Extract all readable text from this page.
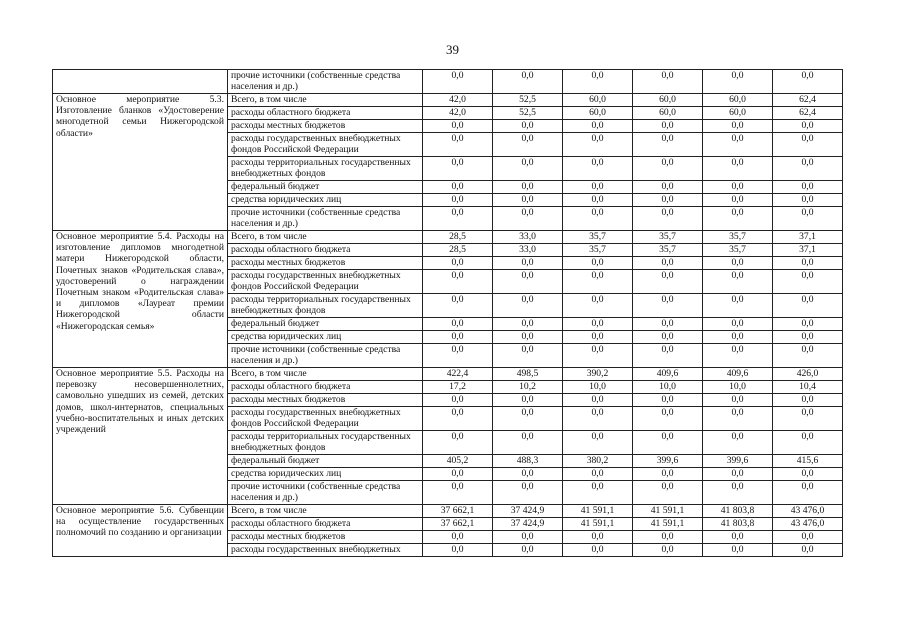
39
	прочие источники (собственные средства населения и др.)	0,0	0,0	0,0	0,0	0,0	0,0
Основное мероприятие 5.3. Изготовление бланков «Удостоверение многодетной семьи Нижегородской области»	Всего, в том числе	42,0	52,5	60,0	60,0	60,0	62,4
	расходы областного бюджета	42,0	52,5	60,0	60,0	60,0	62,4
	расходы местных бюджетов	0,0	0,0	0,0	0,0	0,0	0,0
	расходы государственных внебюджетных фондов Российской Федерации	0,0	0,0	0,0	0,0	0,0	0,0
	расходы территориальных государственных внебюджетных фондов	0,0	0,0	0,0	0,0	0,0	0,0
	федеральный бюджет	0,0	0,0	0,0	0,0	0,0	0,0
	средства юридических лиц	0,0	0,0	0,0	0,0	0,0	0,0
	прочие источники (собственные средства населения и др.)	0,0	0,0	0,0	0,0	0,0	0,0
Основное мероприятие 5.4. Расходы на изготовление дипломов многодетной матери Нижегородской области, Почетных знаков «Родительская слава», удостоверений о награждении Почетным знаком «Родительская слава» и дипломов «Лауреат премии Нижегородской области «Нижегородская семья»	Всего, в том числе	28,5	33,0	35,7	35,7	35,7	37,1
	расходы областного бюджета	28,5	33,0	35,7	35,7	35,7	37,1
	расходы местных бюджетов	0,0	0,0	0,0	0,0	0,0	0,0
	расходы государственных внебюджетных фондов Российской Федерации	0,0	0,0	0,0	0,0	0,0	0,0
	расходы территориальных государственных внебюджетных фондов	0,0	0,0	0,0	0,0	0,0	0,0
	федеральный бюджет	0,0	0,0	0,0	0,0	0,0	0,0
	средства юридических лиц	0,0	0,0	0,0	0,0	0,0	0,0
	прочие источники (собственные средства населения и др.)	0,0	0,0	0,0	0,0	0,0	0,0
Основное мероприятие 5.5. Расходы на перевозку несовершеннолетних, самовольно ушедших из семей, детских домов, школ-интернатов, специальных учебно-воспитательных и иных детских учреждений	Всего, в том числе	422,4	498,5	390,2	409,6	409,6	426,0
	расходы областного бюджета	17,2	10,2	10,0	10,0	10,0	10,4
	расходы местных бюджетов	0,0	0,0	0,0	0,0	0,0	0,0
	расходы государственных внебюджетных фондов Российской Федерации	0,0	0,0	0,0	0,0	0,0	0,0
	расходы территориальных государственных внебюджетных фондов	0,0	0,0	0,0	0,0	0,0	0,0
	федеральный бюджет	405,2	488,3	380,2	399,6	399,6	415,6
	средства юридических лиц	0,0	0,0	0,0	0,0	0,0	0,0
	прочие источники (собственные средства населения и др.)	0,0	0,0	0,0	0,0	0,0	0,0
Основное мероприятие 5.6. Субвенции на осуществление государственных полномочий по созданию и организации	Всего, в том числе	37 662,1	37 424,9	41 591,1	41 591,1	41 803,8	43 476,0
	расходы областного бюджета	37 662,1	37 424,9	41 591,1	41 591,1	41 803,8	43 476,0
	расходы местных бюджетов	0,0	0,0	0,0	0,0	0,0	0,0
	расходы государственных внебюджетных	0,0	0,0	0,0	0,0	0,0	0,0
